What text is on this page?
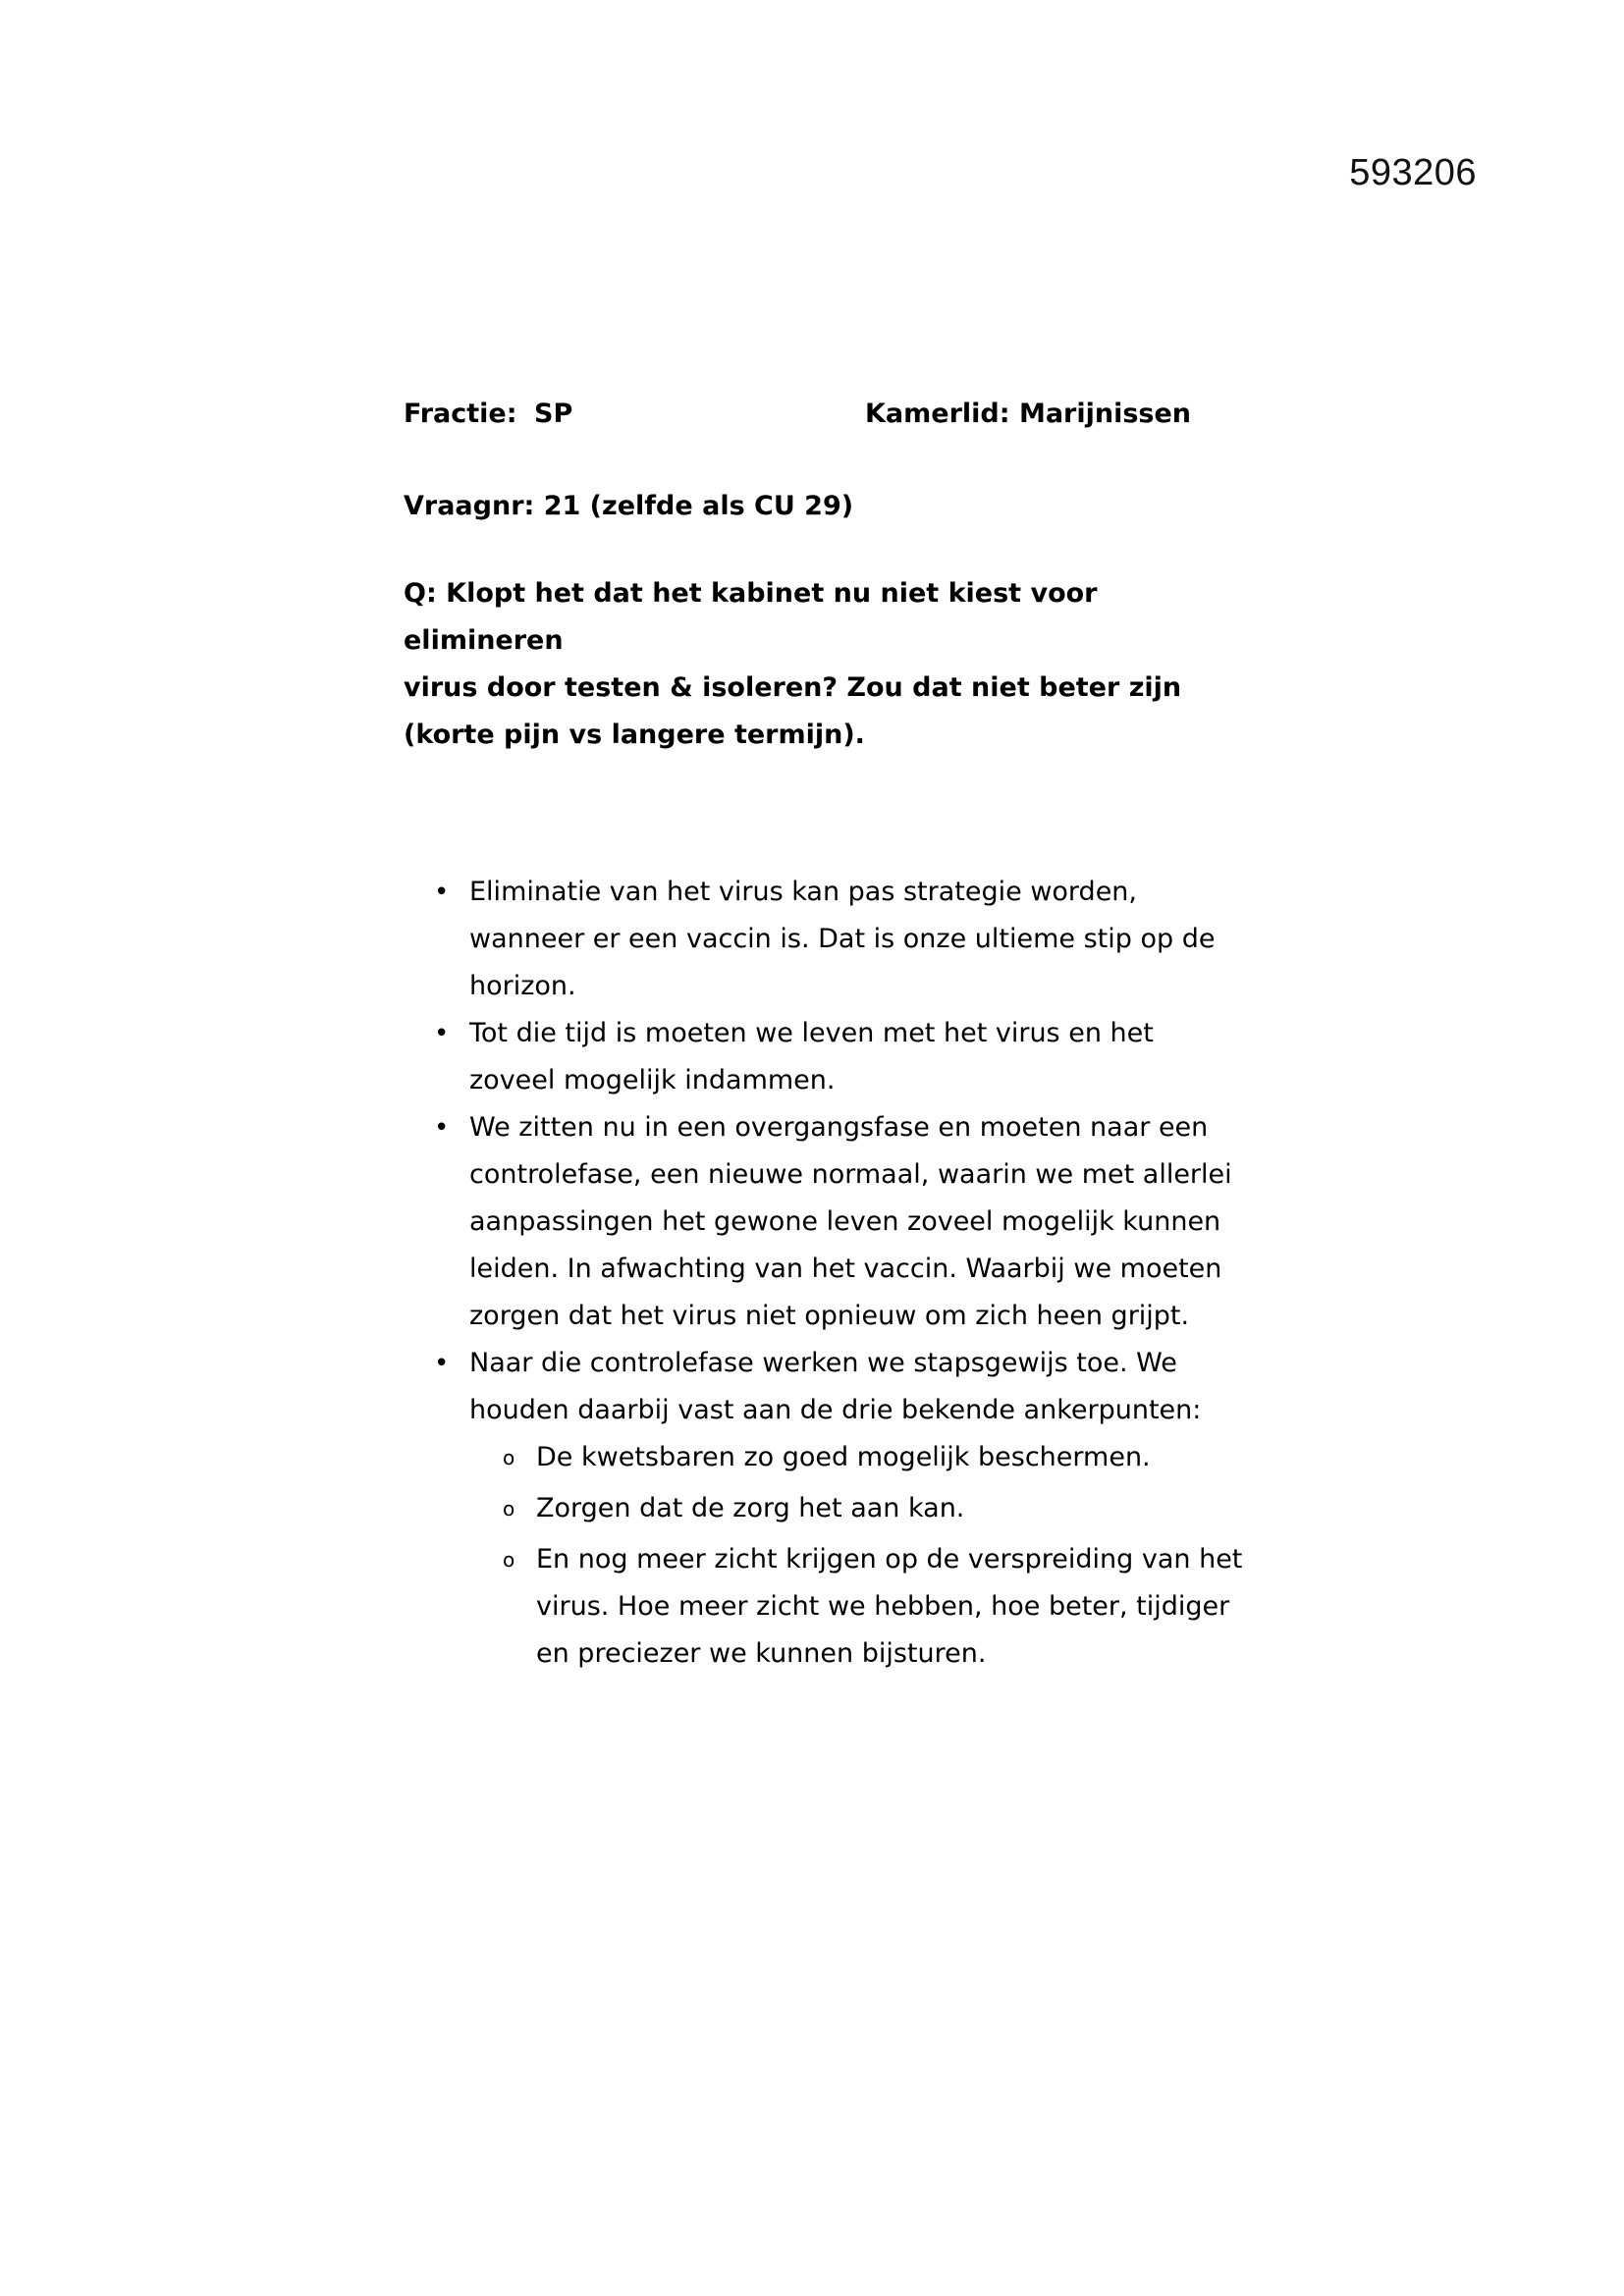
593206
Fractie: SP	Kamerlid: Marijnissen
Vraagnr: 21 (zelfde als CU 29)
Q: Klopt het dat het kabinet nu niet kiest voor elimineren
virus door testen & isoleren? Zou dat niet beter zijn
(korte pijn vs langere termijn).
• Eliminatie van het virus kan pas strategie worden,
wanneer er een vaccin is. Dat is onze ultieme stip op de
horizon.
• Tot die tijd is moeten we leven met het virus en het
zoveel mogelijk indammen.
• We zitten nu in een overgangsfase en moeten naar een
controlefase, een nieuwe normaal, waarin we met allerlei
aanpassingen het gewone leven zoveel mogelijk kunnen
leiden. In afwachting van het vaccin. Waarbij we moeten
zorgen dat het virus niet opnieuw om zich heen grijpt.
• Naar die controlefase werken we stapsgewijs toe. We
houden daarbij vast aan de drie bekende ankerpunten:
o De kwetsbaren zo goed mogelijk beschermen.
o Zorgen dat de zorg het aan kan.
o En nog meer zicht krijgen op de verspreiding van het
virus. Hoe meer zicht we hebben, hoe beter, tijdiger
en preciezer we kunnen bijsturen.
